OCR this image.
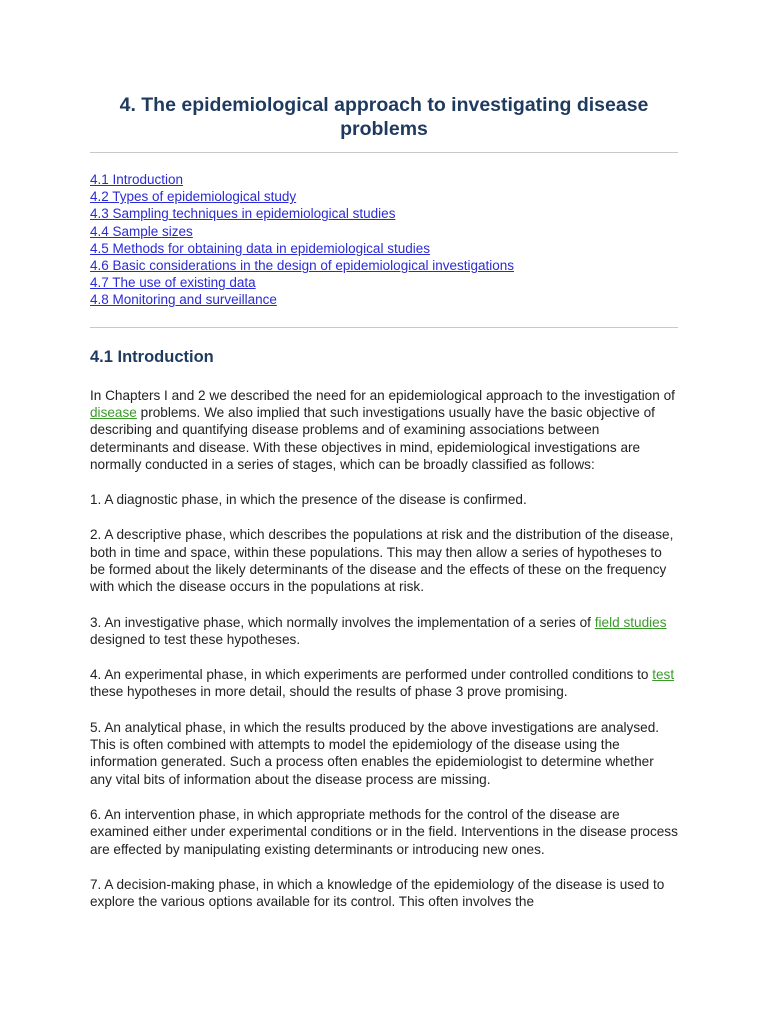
4. The epidemiological approach to investigating disease problems
4.1 Introduction
4.2 Types of epidemiological study
4.3 Sampling techniques in epidemiological studies
4.4 Sample sizes
4.5 Methods for obtaining data in epidemiological studies
4.6 Basic considerations in the design of epidemiological investigations
4.7 The use of existing data
4.8 Monitoring and surveillance
4.1 Introduction

In Chapters I and 2 we described the need for an epidemiological approach to the investigation of disease problems. We also implied that such investigations usually have the basic objective of describing and quantifying disease problems and of examining associations between determinants and disease. With these objectives in mind, epidemiological investigations are normally conducted in a series of stages, which can be broadly classified as follows:

1. A diagnostic phase, in which the presence of the disease is confirmed.

2. A descriptive phase, which describes the populations at risk and the distribution of the disease, both in time and space, within these populations. This may then allow a series of hypotheses to be formed about the likely determinants of the disease and the effects of these on the frequency with which the disease occurs in the populations at risk.

3. An investigative phase, which normally involves the implementation of a series of field studies designed to test these hypotheses.

4. An experimental phase, in which experiments are performed under controlled conditions to test these hypotheses in more detail, should the results of phase 3 prove promising.

5. An analytical phase, in which the results produced by the above investigations are analysed. This is often combined with attempts to model the epidemiology of the disease using the information generated. Such a process often enables the epidemiologist to determine whether any vital bits of information about the disease process are missing.

6. An intervention phase, in which appropriate methods for the control of the disease are examined either under experimental conditions or in the field. Interventions in the disease process are effected by manipulating existing determinants or introducing new ones.

7. A decision-making phase, in which a knowledge of the epidemiology of the disease is used to explore the various options available for its control. This often involves the
